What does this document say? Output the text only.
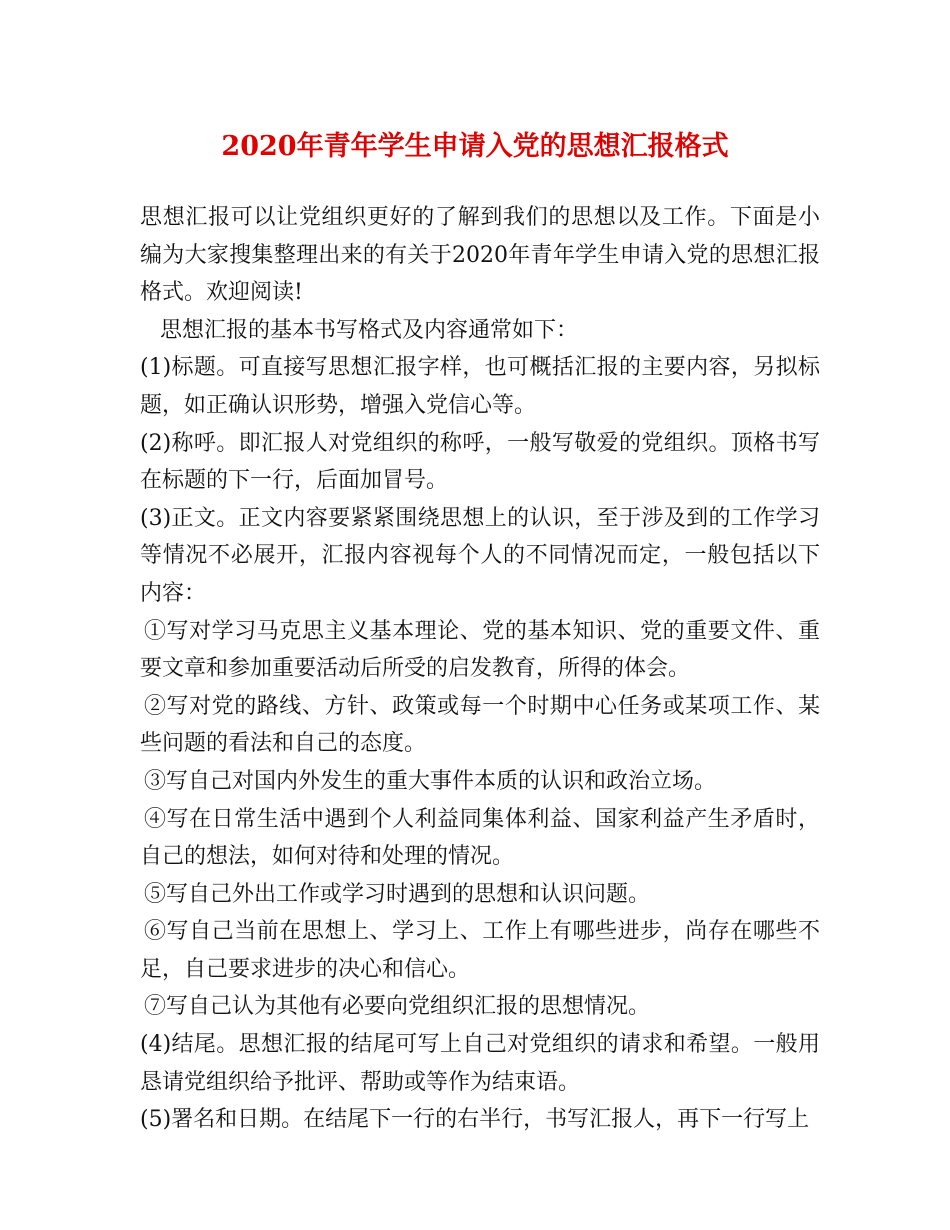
2020年青年学生申请入党的思想汇报格式

思想汇报可以让党组织更好的了解到我们的思想以及工作。下面是小编为大家搜集整理出来的有关于2020年青年学生申请入党的思想汇报格式。欢迎阅读!

思想汇报的基本书写格式及内容通常如下：

(1)标题。可直接写思想汇报字样，也可概括汇报的主要内容，另拟标题，如正确认识形势，增强入党信心等。

(2)称呼。即汇报人对党组织的称呼，一般写敬爱的党组织。顶格书写在标题的下一行，后面加冒号。

(3)正文。正文内容要紧紧围绕思想上的认识，至于涉及到的工作学习等情况不必展开，汇报内容视每个人的不同情况而定，一般包括以下内容：

①写对学习马克思主义基本理论、党的基本知识、党的重要文件、重要文章和参加重要活动后所受的启发教育，所得的体会。

②写对党的路线、方针、政策或每一个时期中心任务或某项工作、某些问题的看法和自己的态度。

③写自己对国内外发生的重大事件本质的认识和政治立场。

④写在日常生活中遇到个人利益同集体利益、国家利益产生矛盾时，自己的想法，如何对待和处理的情况。

⑤写自己外出工作或学习时遇到的思想和认识问题。

⑥写自己当前在思想上、学习上、工作上有哪些进步，尚存在哪些不足，自己要求进步的决心和信心。

⑦写自己认为其他有必要向党组织汇报的思想情况。

(4)结尾。思想汇报的结尾可写上自己对党组织的请求和希望。一般用恳请党组织给予批评、帮助或等作为结束语。

(5)署名和日期。在结尾下一行的右半行，书写汇报人，再下一行写上
